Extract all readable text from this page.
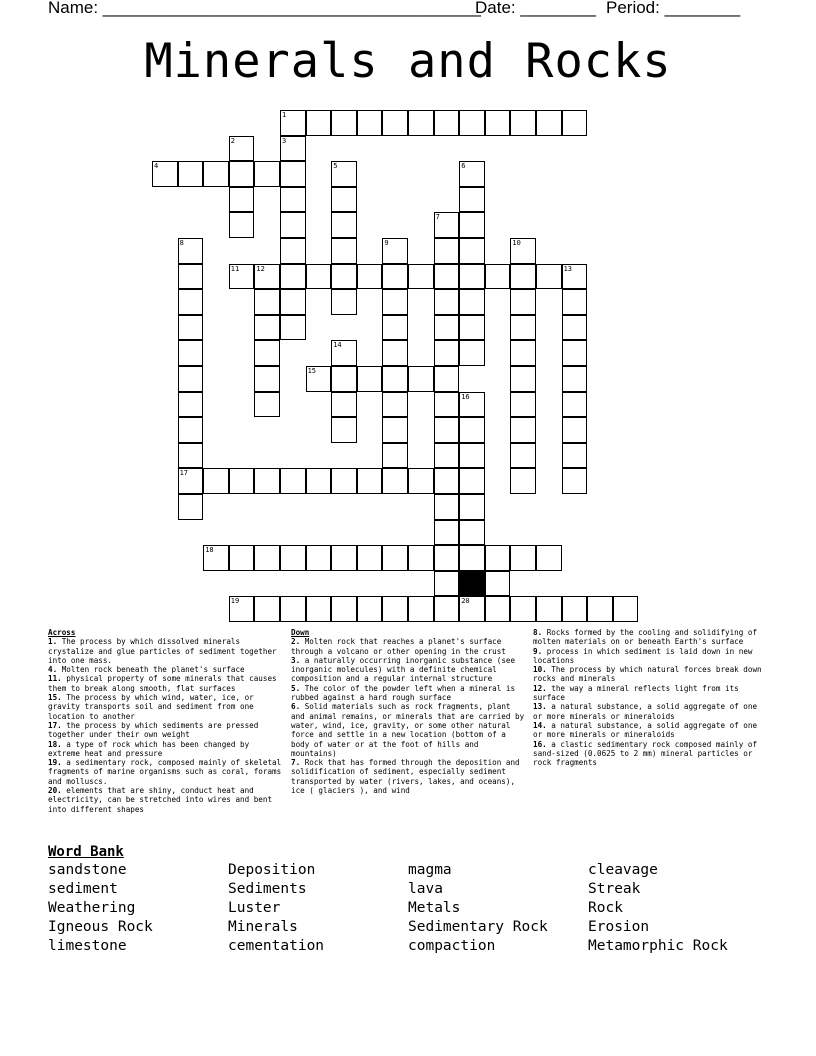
Name: ________________________________________
Date: ________ Period: ________
Minerals and Rocks
1
2	3
4	5	6
7
8	9	10
11 12	13
14
15
16
17
18
19	20
Across
1. The process by which dissolved minerals crystalize and glue particles of sediment together into one mass.
4. Molten rock beneath the planet's surface
11. physical property of some minerals that causes them to break along smooth, flat surfaces
15. The process by which wind, water, ice, or gravity transports soil and sediment from one location to another
17. the process by which sediments are pressed together under their own weight
18. a type of rock which has been changed by extreme heat and pressure
19. a sedimentary rock, composed mainly of skeletal fragments of marine organisms such as coral, forams and molluscs.
20. elements that are shiny, conduct heat and electricity, can be stretched into wires and bent into different shapes
Down
2. Molten rock that reaches a planet's surface through a volcano or other opening in the crust
3. a naturally occurring inorganic substance (see inorganic molecules) with a definite chemical composition and a regular internal structure
5. The color of the powder left when a mineral is rubbed against a hard rough surface
6. Solid materials such as rock fragments, plant and animal remains, or minerals that are carried by water, wind, ice, gravity, or some other natural force and settle in a new location (bottom of a body of water or at the foot of hills and mountains)
7. Rock that has formed through the deposition and solidification of sediment, especially sediment transported by water (rivers, lakes, and oceans), ice ( glaciers ), and wind
8. Rocks formed by the cooling and solidifying of molten materials on or beneath Earth's surface
9. process in which sediment is laid down in new locations
10. The process by which natural forces break down rocks and minerals
12. the way a mineral reflects light from its surface
13. a natural substance, a solid aggregate of one or more minerals or mineraloids
14. a natural substance, a solid aggregate of one or more minerals or mineraloids
16. a clastic sedimentary rock composed mainly of sand-sized (0.0625 to 2 mm) mineral particles or rock fragments
Word Bank
sandstone	Deposition	magma	cleavage
sediment	Sediments	lava	Streak
Weathering	Luster	Metals	Rock
Igneous Rock	Minerals	Sedimentary Rock	Erosion
limestone	cementation	compaction	Metamorphic Rock
